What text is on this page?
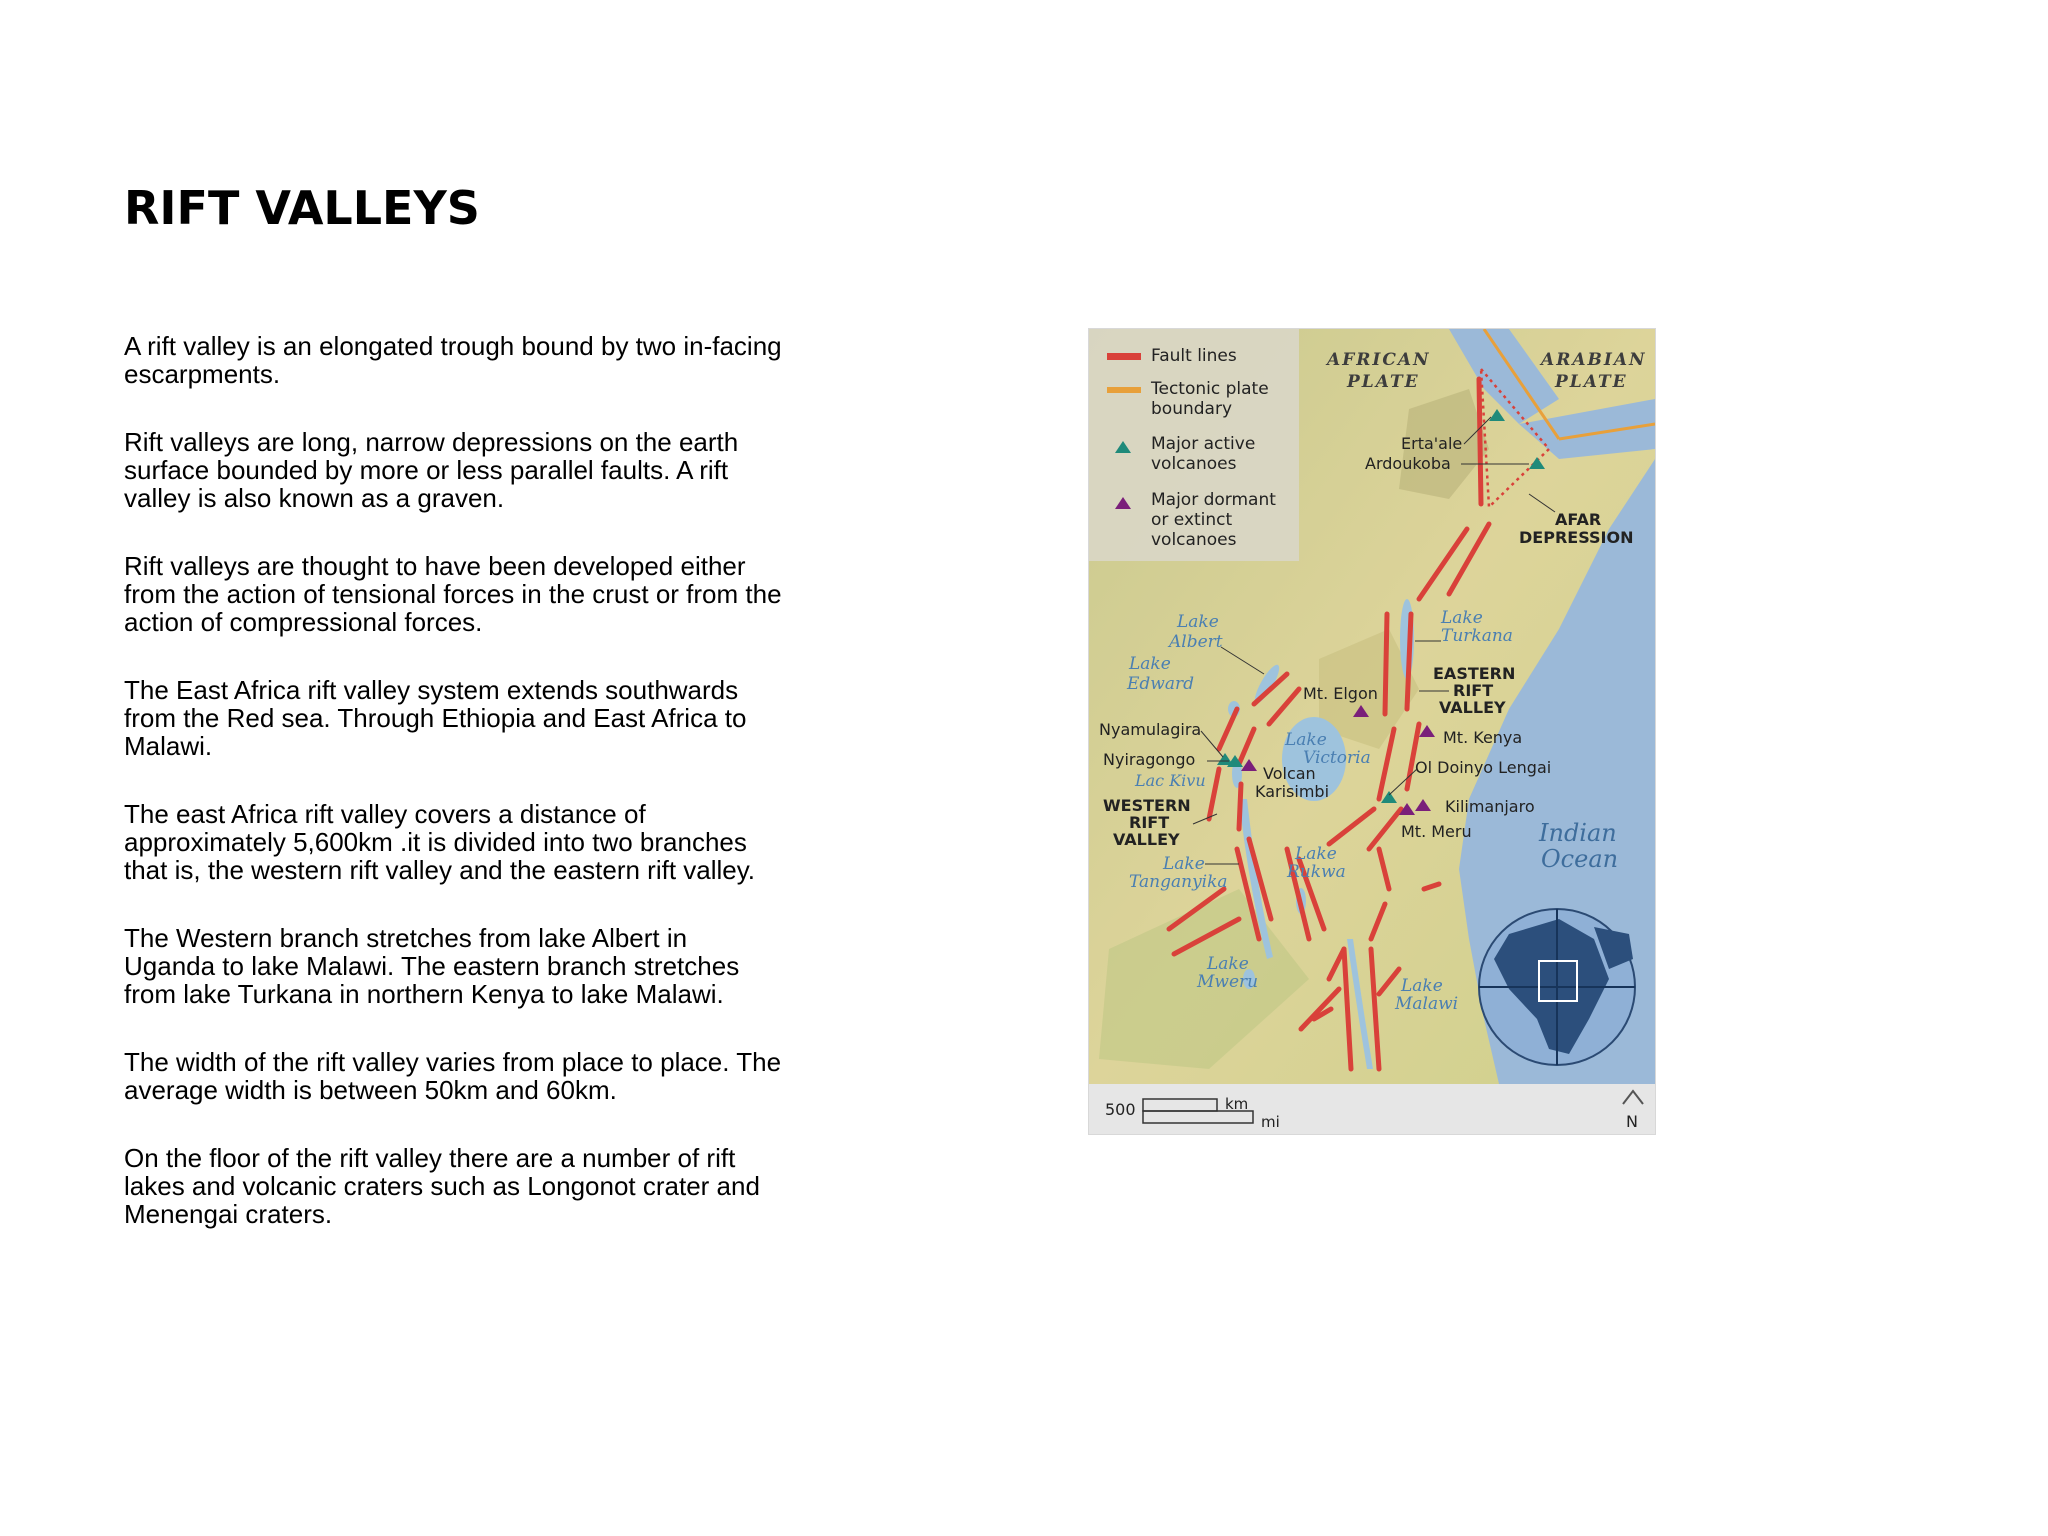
RIFT VALLEYS

A rift valley is an elongated trough bound by two in-facing escarpments.

Rift valleys are long, narrow depressions on the earth surface bounded by more or less parallel faults. A rift valley is also known as a graven.

Rift valleys are thought to have been developed either from the action of tensional forces in the crust or from the action of compressional forces.

The East Africa rift valley system extends southwards from the Red sea. Through Ethiopia and East Africa to Malawi.

The east Africa rift valley covers a distance of approximately 5,600km .it is divided into two branches that is, the western rift valley and the eastern rift valley.

The Western branch stretches from lake Albert in Uganda to lake Malawi. The eastern branch stretches from lake Turkana in northern Kenya to lake Malawi.

The width of the rift valley varies from place to place. The average width is between 50km and 60km.

On the floor of the rift valley there are a number of rift lakes and volcanic craters such as Longonot crater and Menengai craters.

Fault lines
Tectonic plate
boundary
Major active
volcanoes
Major dormant
or extinct
volcanoes
AFRICAN
PLATE
ARABIAN
PLATE
AFAR
DEPRESSION
Erta'ale
Ardoukoba
Lake
Albert
Lake
Edward
Lake
Turkana
Lake
Victoria
Lac Kivu
Lake
Tanganyika
Lake
Rukwa
Lake
Mweru	Lake
Malawi
EASTERN
RIFT
VALLEY
WESTERN
RIFT
VALLEY
Mt. Elgon
Mt. Kenya
Ol Doinyo Lengai
Kilimanjaro
Mt. Meru
Nyamulagira
Nyiragongo
Volcan
Karisimbi
Indian
Ocean
500	km
mi	N
